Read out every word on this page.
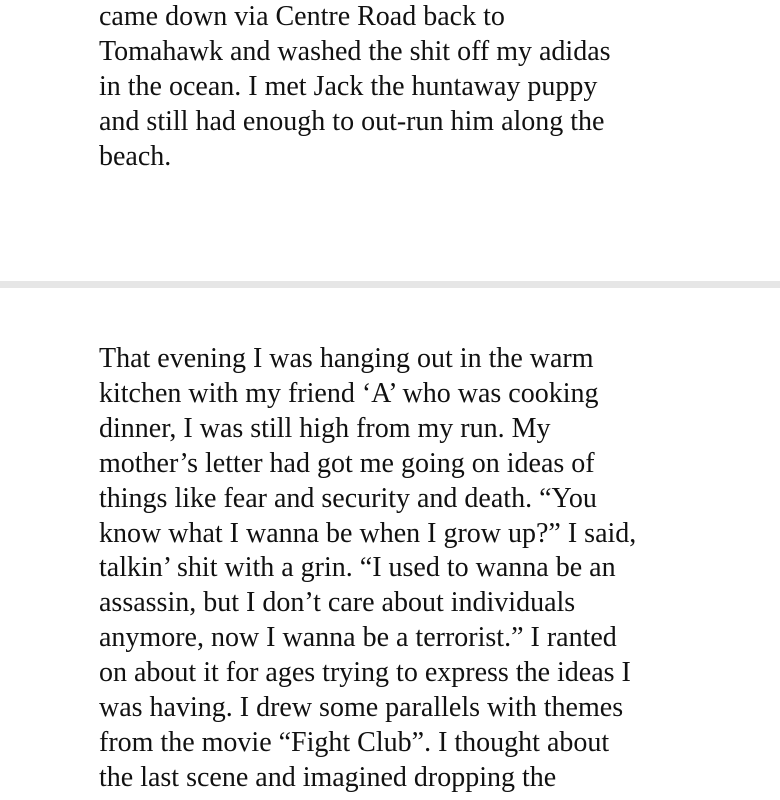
came down via Centre Road back to
Tomahawk and washed the shit off my adidas
in the ocean. I met Jack the huntaway puppy
and still had enough to out-run him along the
beach.
That evening I was hanging out in the warm
kitchen with my friend ‘A’ who was cooking
dinner, I was still high from my run. My
mother’s letter had got me going on ideas of
things like fear and security and death. “You
know what I wanna be when I grow up?” I said,
talkin’ shit with a grin. “I used to wanna be an
assassin, but I don’t care about individuals
anymore, now I wanna be a terrorist.” I ranted
on about it for ages trying to express the ideas I
was having. I drew some parallels with themes
from the movie “Fight Club”. I thought about
the last scene and imagined dropping the
